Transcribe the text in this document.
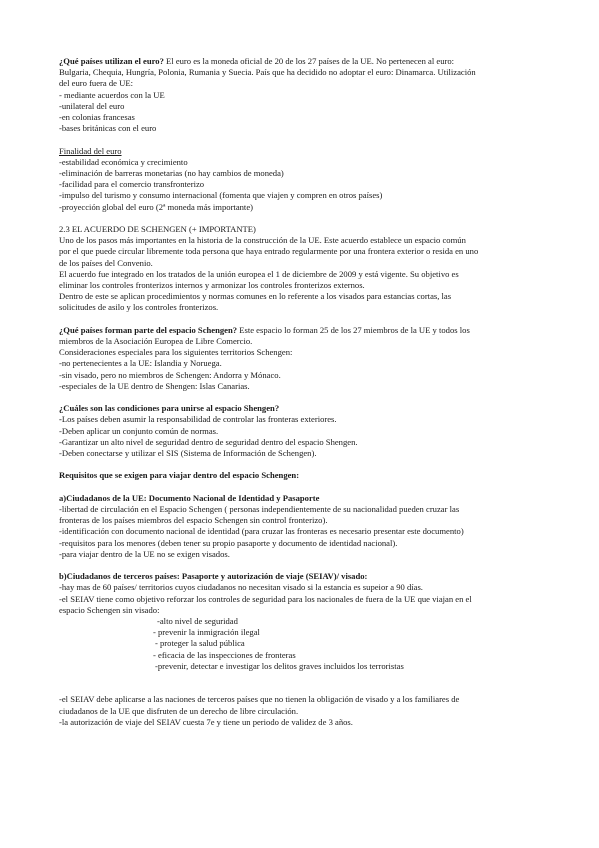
¿Qué países utilizan el euro? El euro es la moneda oficial de 20 de los 27 países de la UE. No pertenecen al euro:

Bulgaria, Chequia, Hungría, Polonia, Rumania y Suecia. País que ha decidido no adoptar el euro: Dinamarca. Utilización

del euro fuera de UE:

- mediante acuerdos con la UE

-unilateral del euro

-en colonias francesas

-bases británicas con el euro

Finalidad del euro

-estabilidad económica y crecimiento

-eliminación de barreras monetarias (no hay cambios de moneda)

-facilidad para el comercio transfronterizo

-impulso del turismo y consumo internacional (fomenta que viajen y compren en otros países)

-proyección global del euro (2ª moneda más importante)

2.3 EL ACUERDO DE SCHENGEN (+ IMPORTANTE)

Uno de los pasos más importantes en la historia de la construcción de la UE. Este acuerdo establece un espacio común

por el que puede circular libremente toda persona que haya entrado regularmente por una frontera exterior o resida en uno

de los países del Convenio.

El acuerdo fue integrado en los tratados de la unión europea el 1 de diciembre de 2009 y está vigente. Su objetivo es

eliminar los controles fronterizos internos y armonizar los controles fronterizos externos.

Dentro de este se aplican procedimientos y normas comunes en lo referente a los visados para estancias cortas, las

solicitudes de asilo y los controles fronterizos.

¿Qué países forman parte del espacio Schengen? Este espacio lo forman 25 de los 27 miembros de la UE y todos los

miembros de la Asociación Europea de Libre Comercio.

Consideraciones especiales para los siguientes territorios Schengen:

-no pertenecientes a la UE: Islandia y Noruega.

-sin visado, pero no miembros de Schengen: Andorra y Mónaco.

-especiales de la UE dentro de Shengen: Islas Canarias.

¿Cuáles son las condiciones para unirse al espacio Shengen?

-Los países deben asumir la responsabilidad de controlar las fronteras exteriores.

-Deben aplicar un conjunto común de normas.

-Garantizar un alto nivel de seguridad dentro de seguridad dentro del espacio Shengen.

-Deben conectarse y utilizar el SIS (Sistema de Información de Schengen).

Requisitos que se exigen para viajar dentro del espacio Schengen:

a)Ciudadanos de la UE: Documento Nacional de Identidad y Pasaporte

-libertad de circulación en el Espacio Schengen ( personas independientemente de su nacionalidad pueden cruzar las

fronteras de los países miembros del espacio Schengen sin control fronterizo).

-identificación con documento nacional de identidad (para cruzar las fronteras es necesario presentar este documento)

-requisitos para los menores (deben tener su propio pasaporte y documento de identidad nacional).

-para viajar dentro de la UE no se exigen visados.

b)Ciudadanos de terceros países: Pasaporte y autorización de viaje (SEIAV)/ visado:

-hay mas de 60 países/ territorios cuyos ciudadanos no necesitan visado si la estancia es supeior a 90 días.

-el SEIAV tiene como objetivo reforzar los controles de seguridad para los nacionales de fuera de la UE que viajan en el

espacio Schengen sin visado:

-alto nivel de seguridad

- prevenir la inmigración ilegal

- proteger la salud pública

- eficacia de las inspecciones de fronteras

-prevenir, detectar e investigar los delitos graves incluidos los terroristas

-el SEIAV debe aplicarse a las naciones de terceros países que no tienen la obligación de visado y a los familiares de

ciudadanos de la UE que disfruten de un derecho de libre circulación.

-la autorización de viaje del SEIAV cuesta 7e y tiene un periodo de validez de 3 años.
